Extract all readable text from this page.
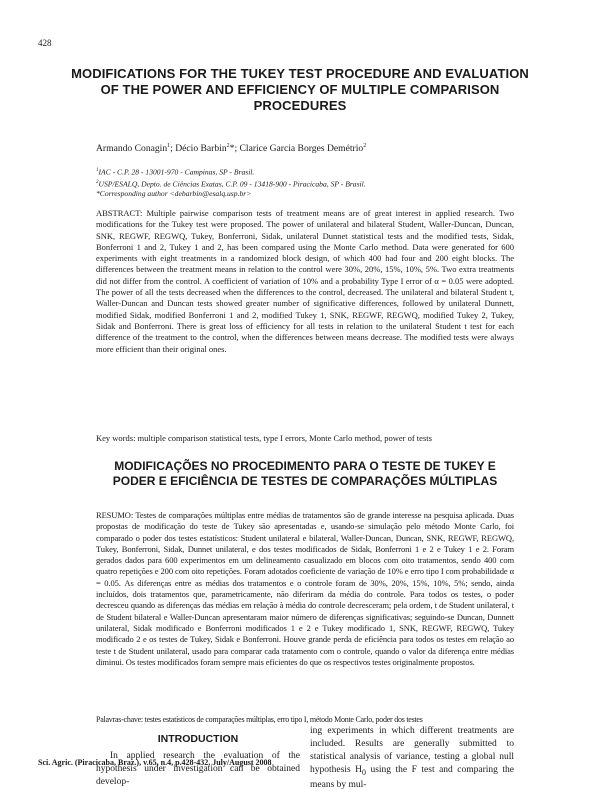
428
MODIFICATIONS FOR THE TUKEY TEST PROCEDURE AND EVALUATION OF THE POWER AND EFFICIENCY OF MULTIPLE COMPARISON PROCEDURES
Armando Conagin$^1$; Décio Barbin$^2$*; Clarice Garcia Borges Demétrio$^2$
$^1$IAC - C.P. 28 - 13001-970 - Campinas, SP - Brasil.
$^2$USP/ESALQ, Depto. de Ciências Exatas, C.P. 09 - 13418-900 - Piracicaba, SP - Brasil.
*Corresponding author <debarbin@esalq.usp.br>
ABSTRACT: Multiple pairwise comparison tests of treatment means are of great interest in applied research. Two modifications for the Tukey test were proposed. The power of unilateral and bilateral Student, Waller-Duncan, Duncan, SNK, REGWF, REGWQ, Tukey, Bonferroni, Sidak, unilateral Dunnet statistical tests and the modified tests, Sidak, Bonferroni 1 and 2, Tukey 1 and 2, has been compared using the Monte Carlo method. Data were generated for 600 experiments with eight treatments in a randomized block design, of which 400 had four and 200 eight blocks. The differences between the treatment means in relation to the control were 30%, 20%, 15%, 10%, 5%. Two extra treatments did not differ from the control. A coefficient of variation of 10% and a probability Type I error of α = 0.05 were adopted. The power of all the tests decreased when the differences to the control, decreased. The unilateral and bilateral Student t, Waller-Duncan and Duncan tests showed greater number of significative differences, followed by unilateral Dunnett, modified Sidak, modified Bonferroni 1 and 2, modified Tukey 1, SNK, REGWF, REGWQ, modified Tukey 2, Tukey, Sidak and Bonferroni. There is great loss of efficiency for all tests in relation to the unilateral Student t test for each difference of the treatment to the control, when the differences between means decrease. The modified tests were always more efficient than their original ones.
Key words: multiple comparison statistical tests, type I errors, Monte Carlo method, power of tests
MODIFICAÇÕES NO PROCEDIMENTO PARA O TESTE DE TUKEY E PODER E EFICIÊNCIA DE TESTES DE COMPARAÇÕES MÚLTIPLAS
RESUMO: Testes de comparações múltiplas entre médias de tratamentos são de grande interesse na pesquisa aplicada. Duas propostas de modificação do teste de Tukey são apresentadas e, usando-se simulação pelo método Monte Carlo, foi comparado o poder dos testes estatísticos: Student unilateral e bilateral, Waller-Duncan, Duncan, SNK, REGWF, REGWQ, Tukey, Bonferroni, Sidak, Dunnet unilateral, e dos testes modificados de Sidak, Bonferroni 1 e 2 e Tukey 1 e 2. Foram gerados dados para 600 experimentos em um delineamento casualizado em blocos com oito tratamentos, sendo 400 com quatro repetições e 200 com oito repetições. Foram adotados coeficiente de variação de 10% e erro tipo I com probabilidade α = 0.05. As diferenças entre as médias dos tratamentos e o controle foram de 30%, 20%, 15%, 10%, 5%; sendo, ainda incluídos, dois tratamentos que, parametricamente, não diferiram da média do controle. Para todos os testes, o poder decresceu quando as diferenças das médias em relação à média do controle decresceram; pela ordem, t de Student unilateral, t de Student bilateral e Waller-Duncan apresentaram maior número de diferenças significativas; seguindo-se Duncan, Dunnett unilateral, Sidak modificado e Bonferroni modificados 1 e 2 e Tukey modificado 1, SNK, REGWF, REGWQ, Tukey modificado 2 e os testes de Tukey, Sidak e Bonferroni. Houve grande perda de eficiência para todos os testes em relação ao teste t de Student unilateral, usado para comparar cada tratamento com o controle, quando o valor da diferença entre médias diminui. Os testes modificados foram sempre mais eficientes do que os respectivos testes originalmente propostos.
Palavras-chave: testes estatísticos de comparações múltiplas, erro tipo I, método Monte Carlo, poder dos testes
INTRODUCTION
In applied research the evaluation of the hypothesis under investigation can be obtained develop-
ing experiments in which different treatments are included. Results are generally submitted to statistical analysis of variance, testing a global null hypothesis $H_0$ using the F test and comparing the means by mul-
Sci. Agric. (Piracicaba, Braz.), v.65, n.4, p.428-432, July/August 2008
